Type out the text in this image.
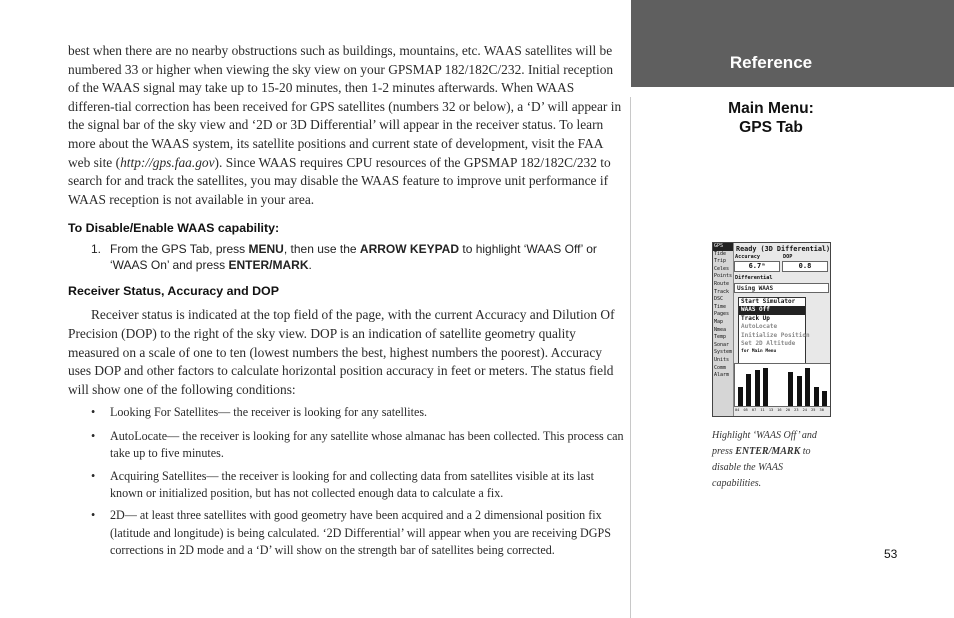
best when there are no nearby obstructions such as buildings, mountains, etc. WAAS satellites will be numbered 33 or higher when viewing the sky view on your GPSMAP 182/182C/232. Initial reception of the WAAS signal may take up to 15-20 minutes, then 1-2 minutes afterwards. When WAAS differen-tial correction has been received for GPS satellites (numbers 32 or below), a ‘D’ will appear in the signal bar of the sky view and ‘2D or 3D Differential’ will appear in the receiver status. To learn more about the WAAS system, its satellite positions and current state of development, visit the FAA web site (http://gps.faa.gov). Since WAAS requires CPU resources of the GPSMAP 182/182C/232 to search for and track the satellites, you may disable the WAAS feature to improve unit performance if WAAS reception is not available in your area.

To Disable/Enable WAAS capability:

1. From the GPS Tab, press MENU, then use the ARROW KEYPAD to highlight ‘WAAS Off’ or ‘WAAS On’ and press ENTER/MARK.

Receiver Status, Accuracy and DOP

Receiver status is indicated at the top field of the page, with the current Accuracy and Dilution Of Precision (DOP) to the right of the sky view. DOP is an indication of satellite geometry quality measured on a scale of one to ten (lowest numbers the best, highest numbers the poorest). Accuracy uses DOP and other factors to calculate horizontal position accuracy in feet or meters. The status field will show one of the following conditions:

• Looking For Satellites— the receiver is looking for any satellites.
• AutoLocate— the receiver is looking for any satellite whose almanac has been collected. This process can take up to five minutes.
• Acquiring Satellites— the receiver is looking for and collecting data from satellites visible at its last known or initialized position, but has not collected enough data to calculate a fix.
• 2D— at least three satellites with good geometry have been acquired and a 2 dimensional position fix (latitude and longitude) is being calculated. ‘2D Differential’ will appear when you are receiving DGPS corrections in 2D mode and a ‘D’ will show on the strength bar of satellites being corrected.
Reference
Main Menu:
GPS Tab
GPS
Tide
Trip
Celes
Points
Route
Track
DSC
Time
Pages
Map
Nmea
Temp
Sonar
System
Units
Comm
Alarm
Ready (3D Differential)
Accuracy	DOP
6.7ᵐ	0.8
Differential
Using WAAS
Start Simulator
WAAS Off
Track Up
AutoLocate
Initialize Position
Set 2D Altitude
for Main Menu
04 05 07 11 13 16 20 23 24 25 30
Highlight ‘WAAS Off’ and press ENTER/MARK to disable the WAAS capabilities.
53
